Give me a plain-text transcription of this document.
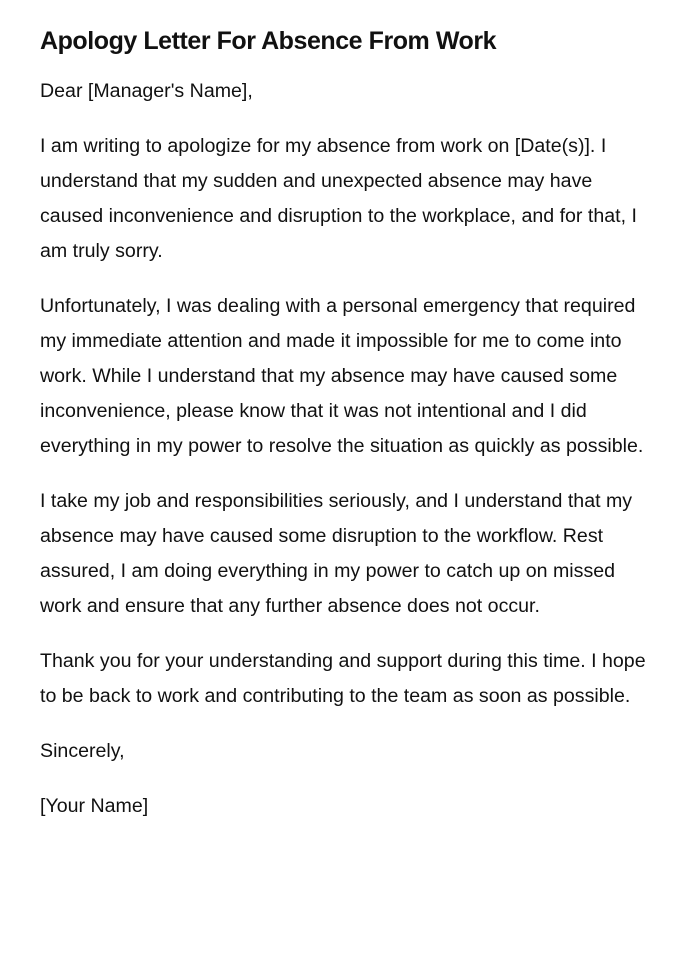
Apology Letter For Absence From Work

Dear [Manager's Name],

I am writing to apologize for my absence from work on [Date(s)]. I understand that my sudden and unexpected absence may have caused inconvenience and disruption to the workplace, and for that, I am truly sorry.

Unfortunately, I was dealing with a personal emergency that required my immediate attention and made it impossible for me to come into work. While I understand that my absence may have caused some inconvenience, please know that it was not intentional and I did everything in my power to resolve the situation as quickly as possible.

I take my job and responsibilities seriously, and I understand that my absence may have caused some disruption to the workflow. Rest assured, I am doing everything in my power to catch up on missed work and ensure that any further absence does not occur.

Thank you for your understanding and support during this time. I hope to be back to work and contributing to the team as soon as possible.

Sincerely,

[Your Name]
